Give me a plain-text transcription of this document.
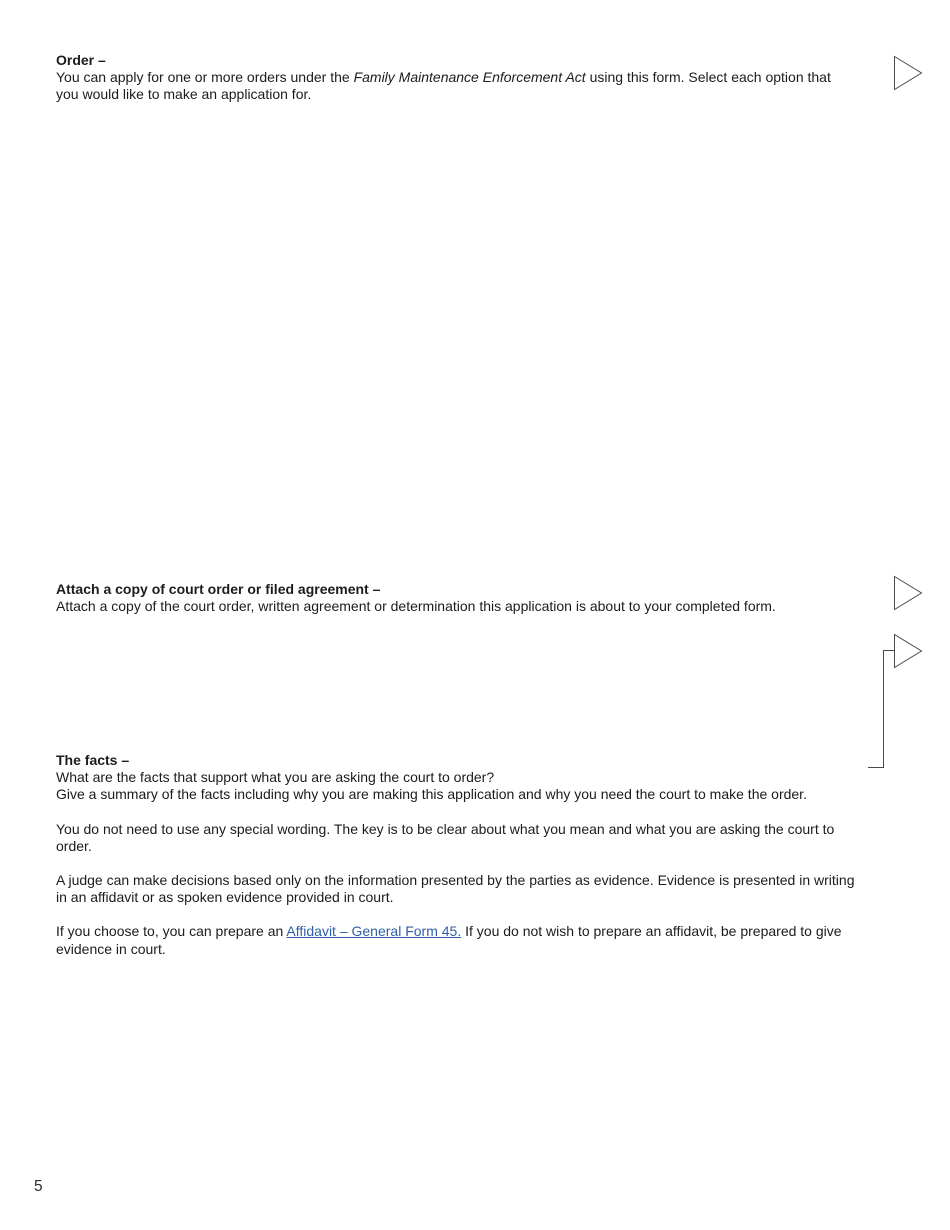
Order –

You can apply for one or more orders under the Family Maintenance Enforcement Act using this form. Select each option that you would like to make an application for.

Attach a copy of court order or filed agreement –

Attach a copy of the court order, written agreement or determination this application is about to your completed form.

The facts –

What are the facts that support what you are asking the court to order?

Give a summary of the facts including why you are making this application and why you need the court to make the order.

You do not need to use any special wording. The key is to be clear about what you mean and what you are asking the court to order.

A judge can make decisions based only on the information presented by the parties as evidence. Evidence is presented in writing in an affidavit or as spoken evidence provided in court.

If you choose to, you can prepare an Affidavit – General Form 45. If you do not wish to prepare an affidavit, be prepared to give evidence in court.

5
